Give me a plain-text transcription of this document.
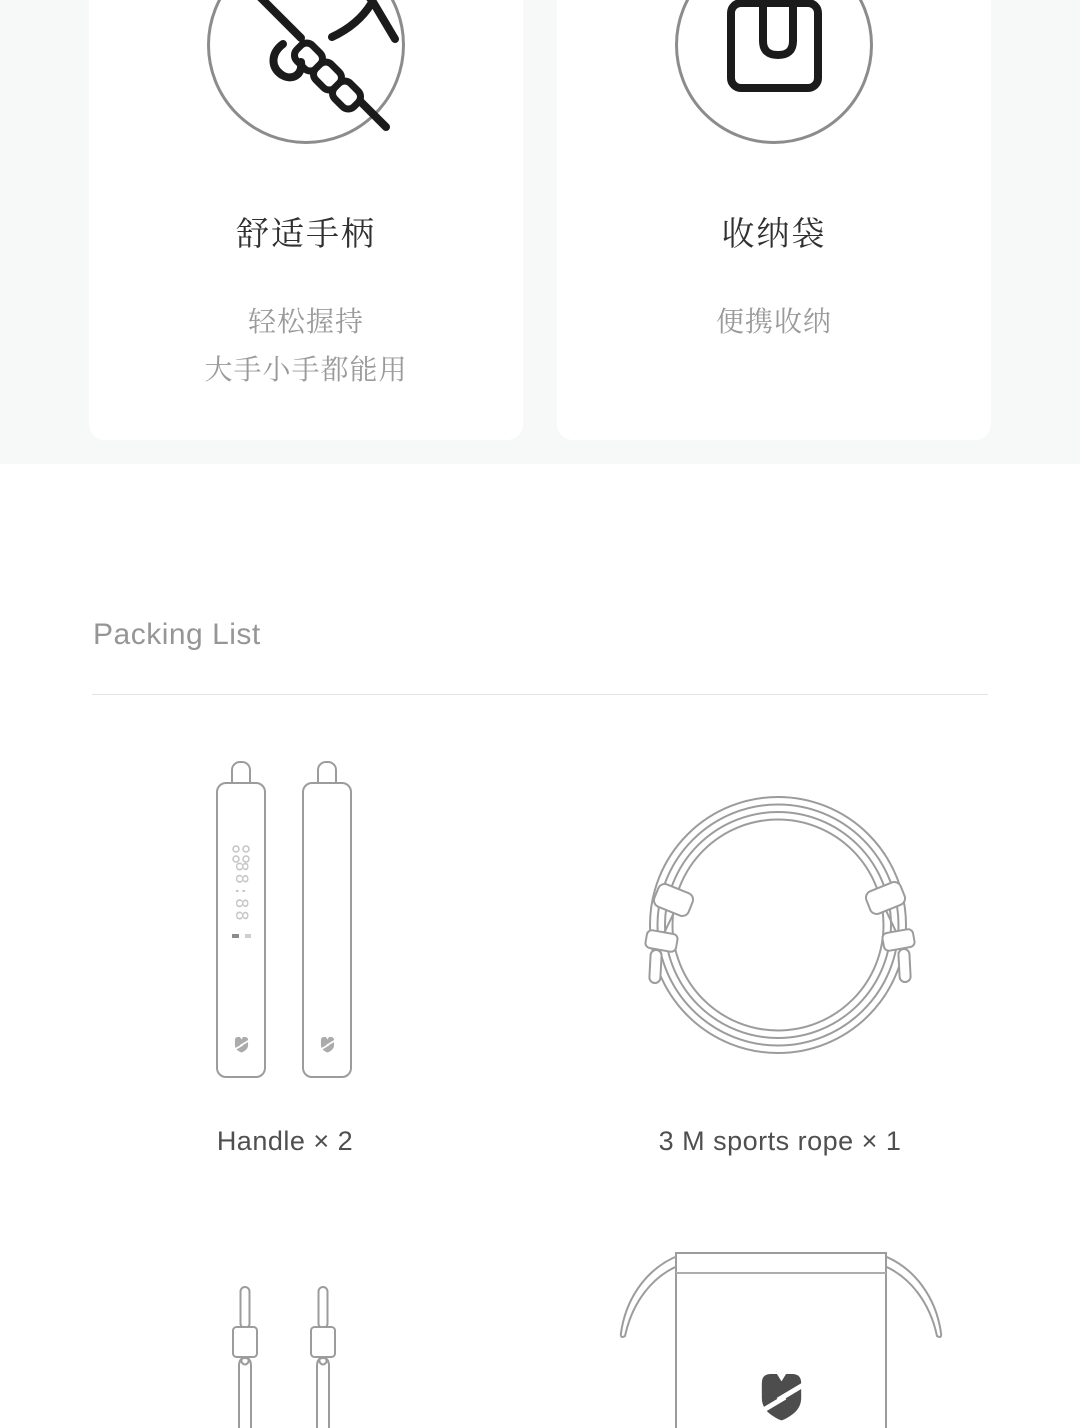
舒适手柄
轻松握持
大手小手都能用
收纳袋
便携收纳
Packing List
88:88
Handle × 2	3 M sports rope × 1
